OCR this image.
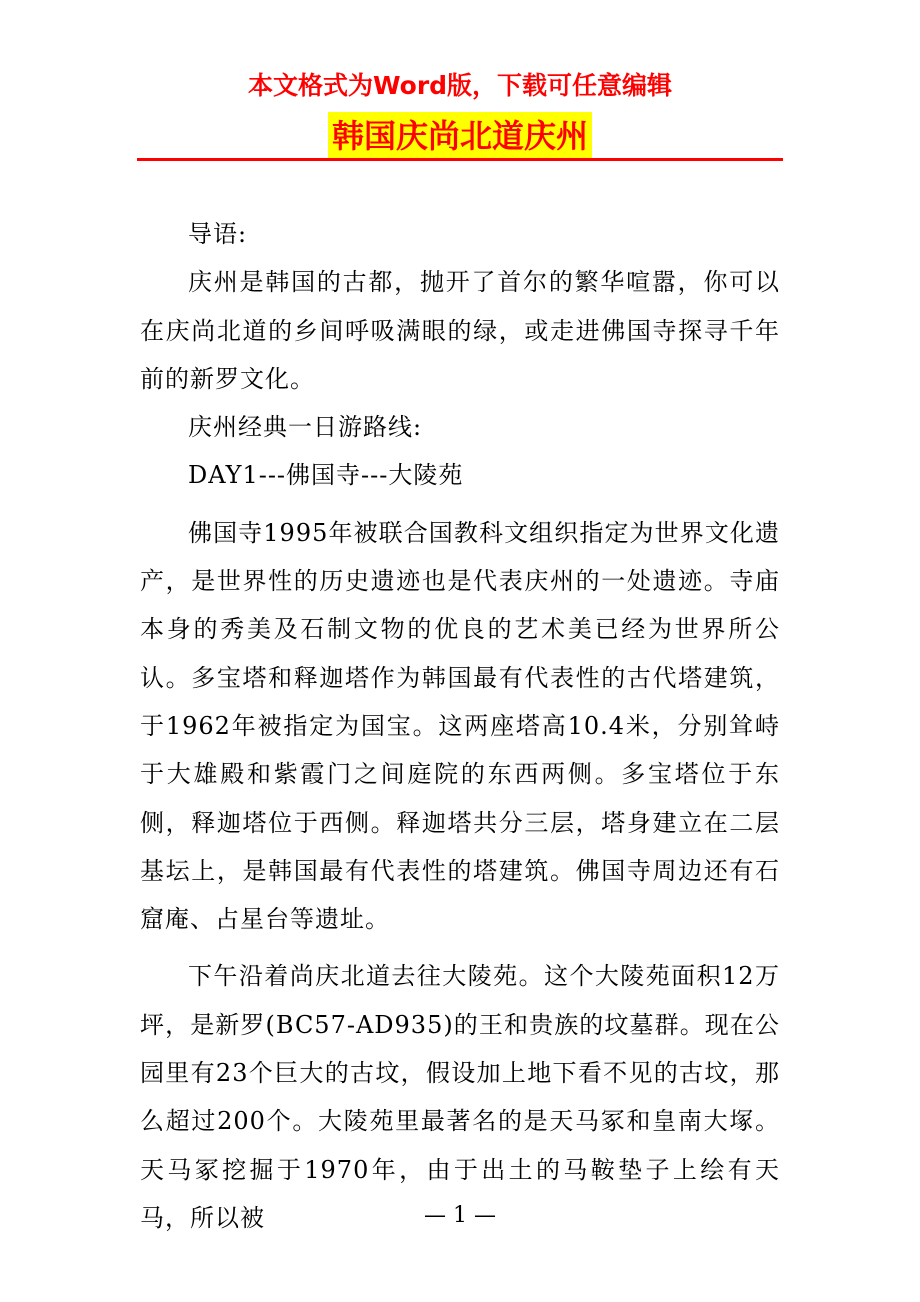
本文格式为Word版，下载可任意编辑
韩国庆尚北道庆州

导语:

庆州是韩国的古都，抛开了首尔的繁华喧嚣，你可以在庆尚北道的乡间呼吸满眼的绿，或走进佛国寺探寻千年前的新罗文化。

庆州经典一日游路线:

DAY1---佛国寺---大陵苑

佛国寺1995年被联合国教科文组织指定为世界文化遗产，是世界性的历史遗迹也是代表庆州的一处遗迹。寺庙本身的秀美及石制文物的优良的艺术美已经为世界所公认。多宝塔和释迦塔作为韩国最有代表性的古代塔建筑，于1962年被指定为国宝。这两座塔高10.4米，分别耸峙于大雄殿和紫霞门之间庭院的东西两侧。多宝塔位于东侧，释迦塔位于西侧。释迦塔共分三层，塔身建立在二层基坛上，是韩国最有代表性的塔建筑。佛国寺周边还有石窟庵、占星台等遗址。

下午沿着尚庆北道去往大陵苑。这个大陵苑面积12万坪，是新罗(BC57-AD935)的王和贵族的坟墓群。现在公园里有23个巨大的古坟，假设加上地下看不见的古坟，那么超过200个。大陵苑里最著名的是天马冢和皇南大塚。天马冢挖掘于1970年，由于出土的马鞍垫子上绘有天马，所以被	— 1 —
